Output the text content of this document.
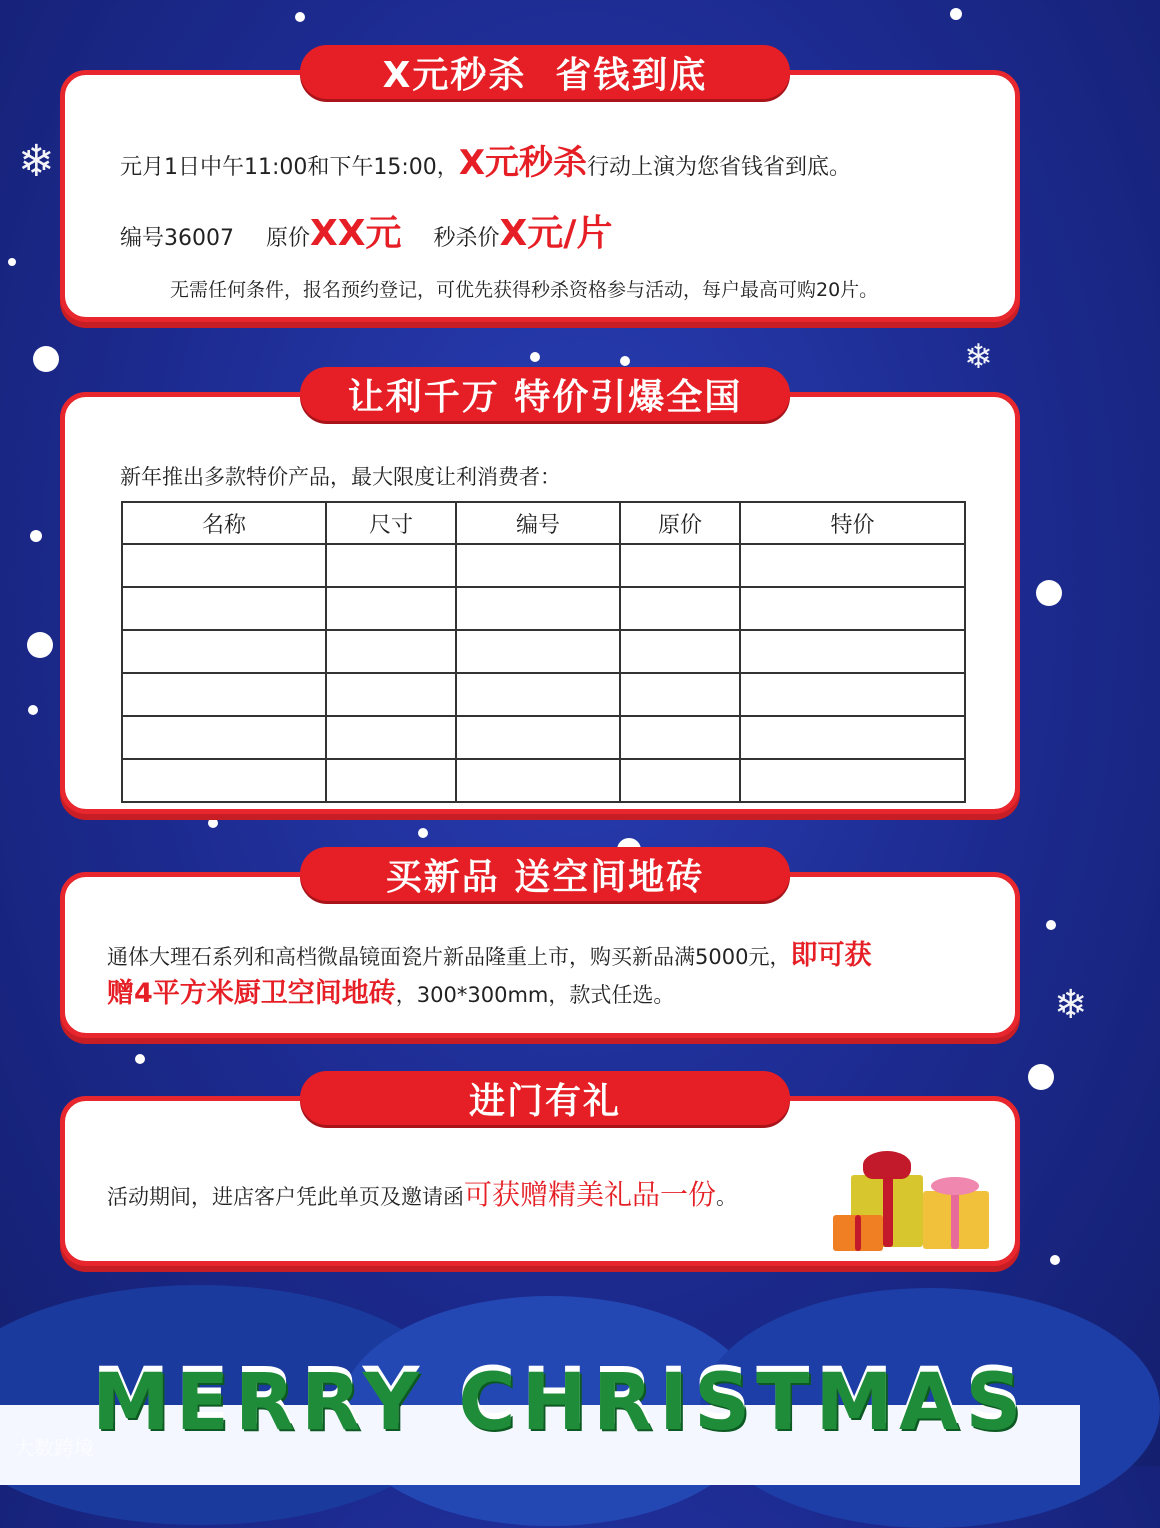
❄
❄
❄
X元秒杀  省钱到底
元月1日中午11:00和下午15:00，X元秒杀行动上演为您省钱省到底。
编号36007 原价XX元 秒杀价X元/片
无需任何条件，报名预约登记，可优先获得秒杀资格参与活动，每户最高可购20片。
让利千万 特价引爆全国
新年推出多款特价产品，最大限度让利消费者：
名称	尺寸	编号	原价	特价

买新品 送空间地砖
通体大理石系列和高档微晶镜面瓷片新品隆重上市，购买新品满5000元，即可获
赠4平方米厨卫空间地砖，300*300mm，款式任选。
进门有礼
活动期间，进店客户凭此单页及邀请函可获赠精美礼品一份。
MERRY CHRISTMAS
大数跨境
